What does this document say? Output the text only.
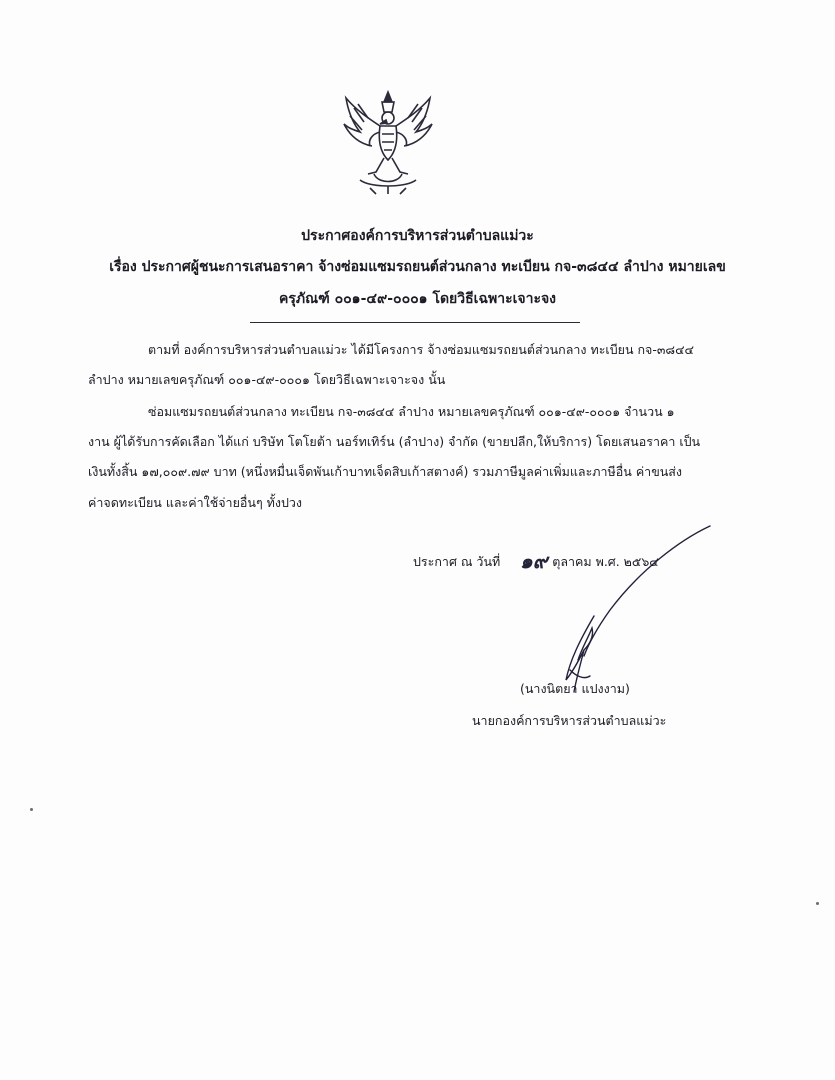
ประกาศองค์การบริหารส่วนตำบลแม่วะ
เรื่อง ประกาศผู้ชนะการเสนอราคา จ้างซ่อมแซมรถยนต์ส่วนกลาง ทะเบียน กจ-๓๘๔๔ ลำปาง หมายเลข
ครุภัณฑ์ ๐๐๑-๔๙-๐๐๐๑ โดยวิธีเฉพาะเจาะจง
ตามที่ องค์การบริหารส่วนตำบลแม่วะ ได้มีโครงการ จ้างซ่อมแซมรถยนต์ส่วนกลาง ทะเบียน กจ-๓๘๔๔
ลำปาง หมายเลขครุภัณฑ์ ๐๐๑-๔๙-๐๐๐๑ โดยวิธีเฉพาะเจาะจง นั้น
ซ่อมแซมรถยนต์ส่วนกลาง ทะเบียน กจ-๓๘๔๔ ลำปาง หมายเลขครุภัณฑ์ ๐๐๑-๔๙-๐๐๐๑ จำนวน ๑
งาน ผู้ได้รับการคัดเลือก ได้แก่ บริษัท โตโยต้า นอร์ทเทิร์น (ลำปาง) จำกัด (ขายปลีก,ให้บริการ) โดยเสนอราคา เป็น
เงินทั้งสิ้น ๑๗,๐๐๙.๗๙ บาท (หนึ่งหมื่นเจ็ดพันเก้าบาทเจ็ดสิบเก้าสตางค์) รวมภาษีมูลค่าเพิ่มและภาษีอื่น ค่าขนส่ง
ค่าจดทะเบียน และค่าใช้จ่ายอื่นๆ ทั้งปวง
ประกาศ ณ วันที่	ตุลาคม พ.ศ. ๒๕๖๔
๑๙
(นางนิตยา แปงงาม)
นายกองค์การบริหารส่วนตำบลแม่วะ
